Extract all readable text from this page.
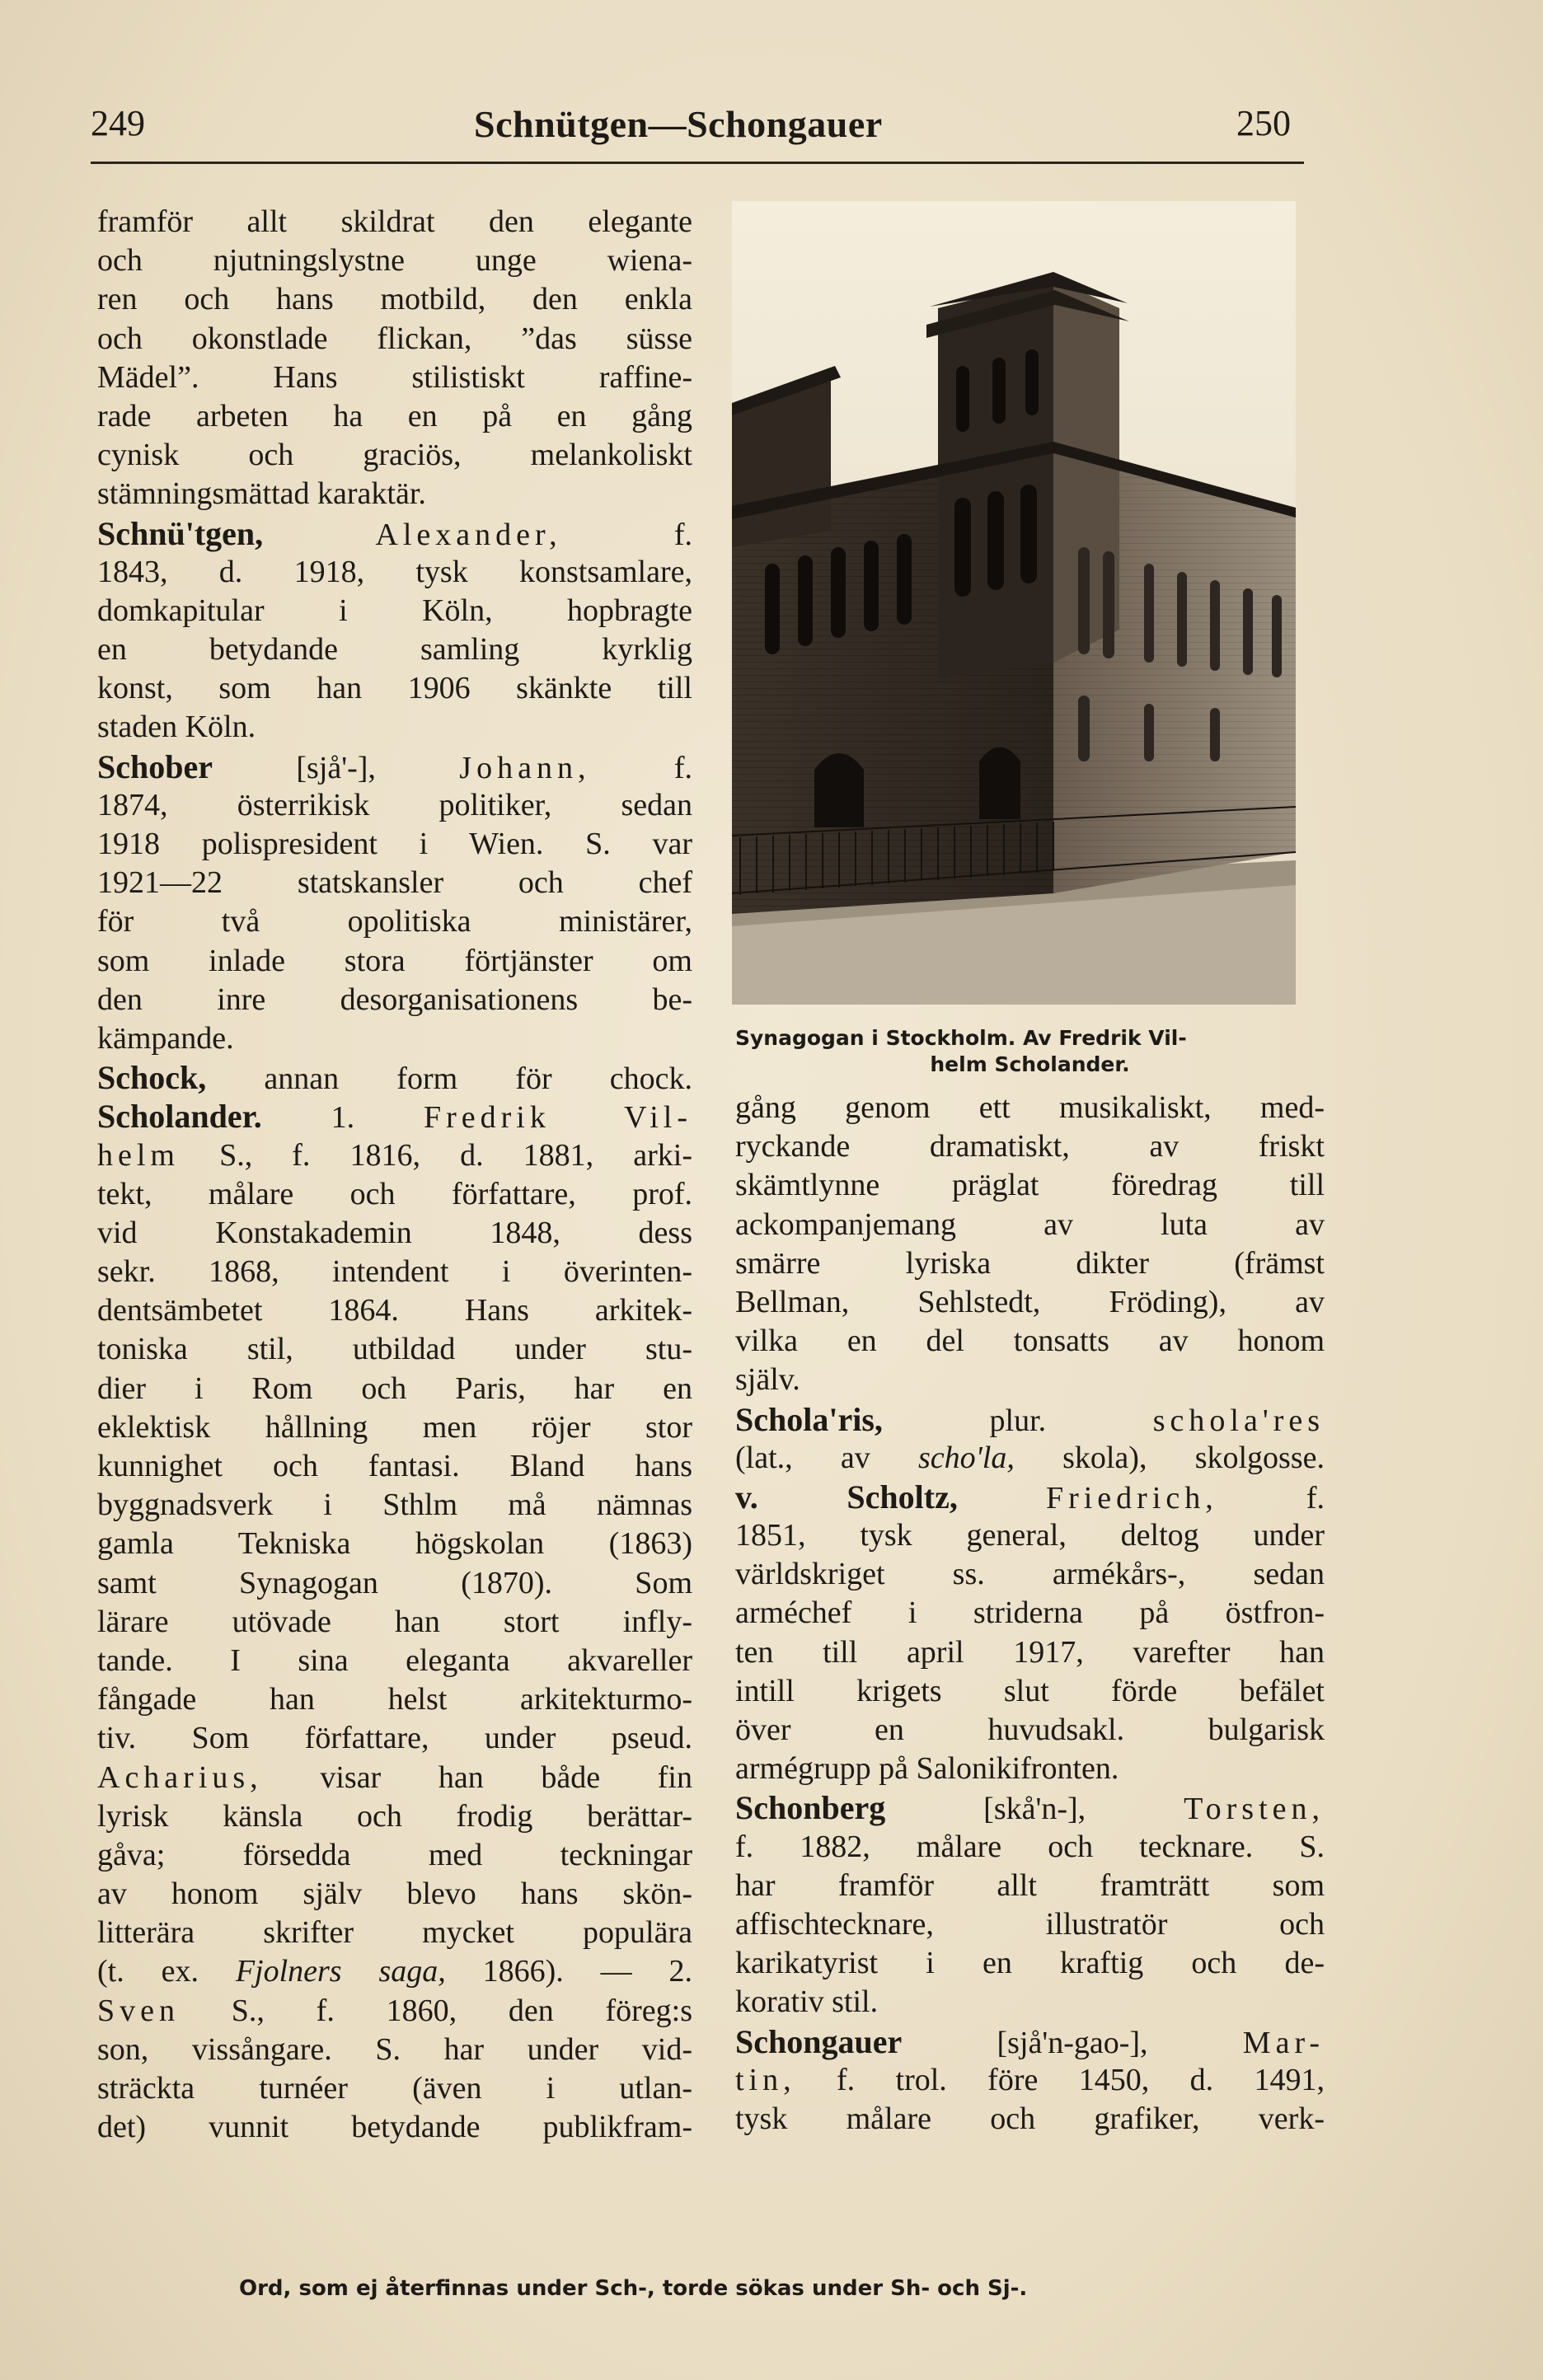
249	Schnütgen—Schongauer	250
framför allt skildrat den elegante
och njutningslystne unge wiena-
ren och hans motbild, den enkla
och okonstlade flickan, ”das süsse
Mädel”. Hans stilistiskt raffine-
rade arbeten ha en på en gång
cynisk och graciös, melankoliskt
stämningsmättad karaktär.
Schnü'tgen,	Alexander, f.
1843, d. 1918, tysk konstsamlare,
domkapitular i Köln, hopbragte
en betydande samling kyrklig
konst, som han 1906 skänkte till
staden Köln.
Schober [sjå'-], Johann, f.
1874, österrikisk politiker, sedan
1918 polispresident i Wien. S. var
1921—22 statskansler och chef
för två opolitiska ministärer,
som inlade stora förtjänster om
den inre desorganisationens be-
kämpande.
Schock, annan form för chock.
Scholander. 1. Fredrik Vil-
helm S., f. 1816, d. 1881, arki-
tekt, målare och författare, prof.
vid Konstakademin 1848, dess
sekr. 1868, intendent i överinten-
dentsämbetet 1864. Hans arkitek-
toniska stil, utbildad under stu-
dier i Rom och Paris, har en
eklektisk hållning men röjer stor
kunnighet och fantasi. Bland hans
byggnadsverk i Sthlm må nämnas
gamla Tekniska högskolan (1863)
samt Synagogan (1870). Som
lärare utövade han stort infly-
tande. I sina eleganta akvareller
fångade han helst arkitekturmo-
tiv. Som författare, under pseud.
Acharius, visar han både fin
lyrisk känsla och frodig berättar-
gåva; försedda med teckningar
av honom själv blevo hans skön-
litterära skrifter mycket populära
(t. ex. Fjolners saga, 1866). — 2.
Sven S., f. 1860, den föreg:s
son, vissångare. S. har under vid-
sträckta turnéer (även i utlan-
det) vunnit betydande publikfram-
Synagogan i Stockholm. Av Fredrik Vil-
helm Scholander.
gång genom ett musikaliskt, med-
ryckande dramatiskt, av friskt
skämtlynne präglat föredrag till
ackompanjemang av luta av
smärre lyriska dikter (främst
Bellman, Sehlstedt, Fröding), av
vilka en del tonsatts av honom
själv.
Schola'ris, plur. schola'res
(lat., av scho'la, skola), skolgosse.
v. Scholtz,	Friedrich, f.
1851, tysk general, deltog under
världskriget ss. armékårs-, sedan
arméchef i striderna på östfron-
ten till april 1917, varefter han
intill krigets slut förde befälet
över en huvudsakl. bulgarisk
armégrupp på Salonikifronten.
Schonberg [skå'n-], Torsten,
f. 1882, målare och tecknare. S.
har framför allt framträtt som
affischtecknare, illustratör och
karikatyrist i en kraftig och de-
korativ stil.
Schongauer [sjå'n-gao-], Mar-
tin, f. trol. före 1450, d. 1491,
tysk målare och grafiker, verk-
Ord, som ej återfinnas under Sch-, torde sökas under Sh- och Sj-.
